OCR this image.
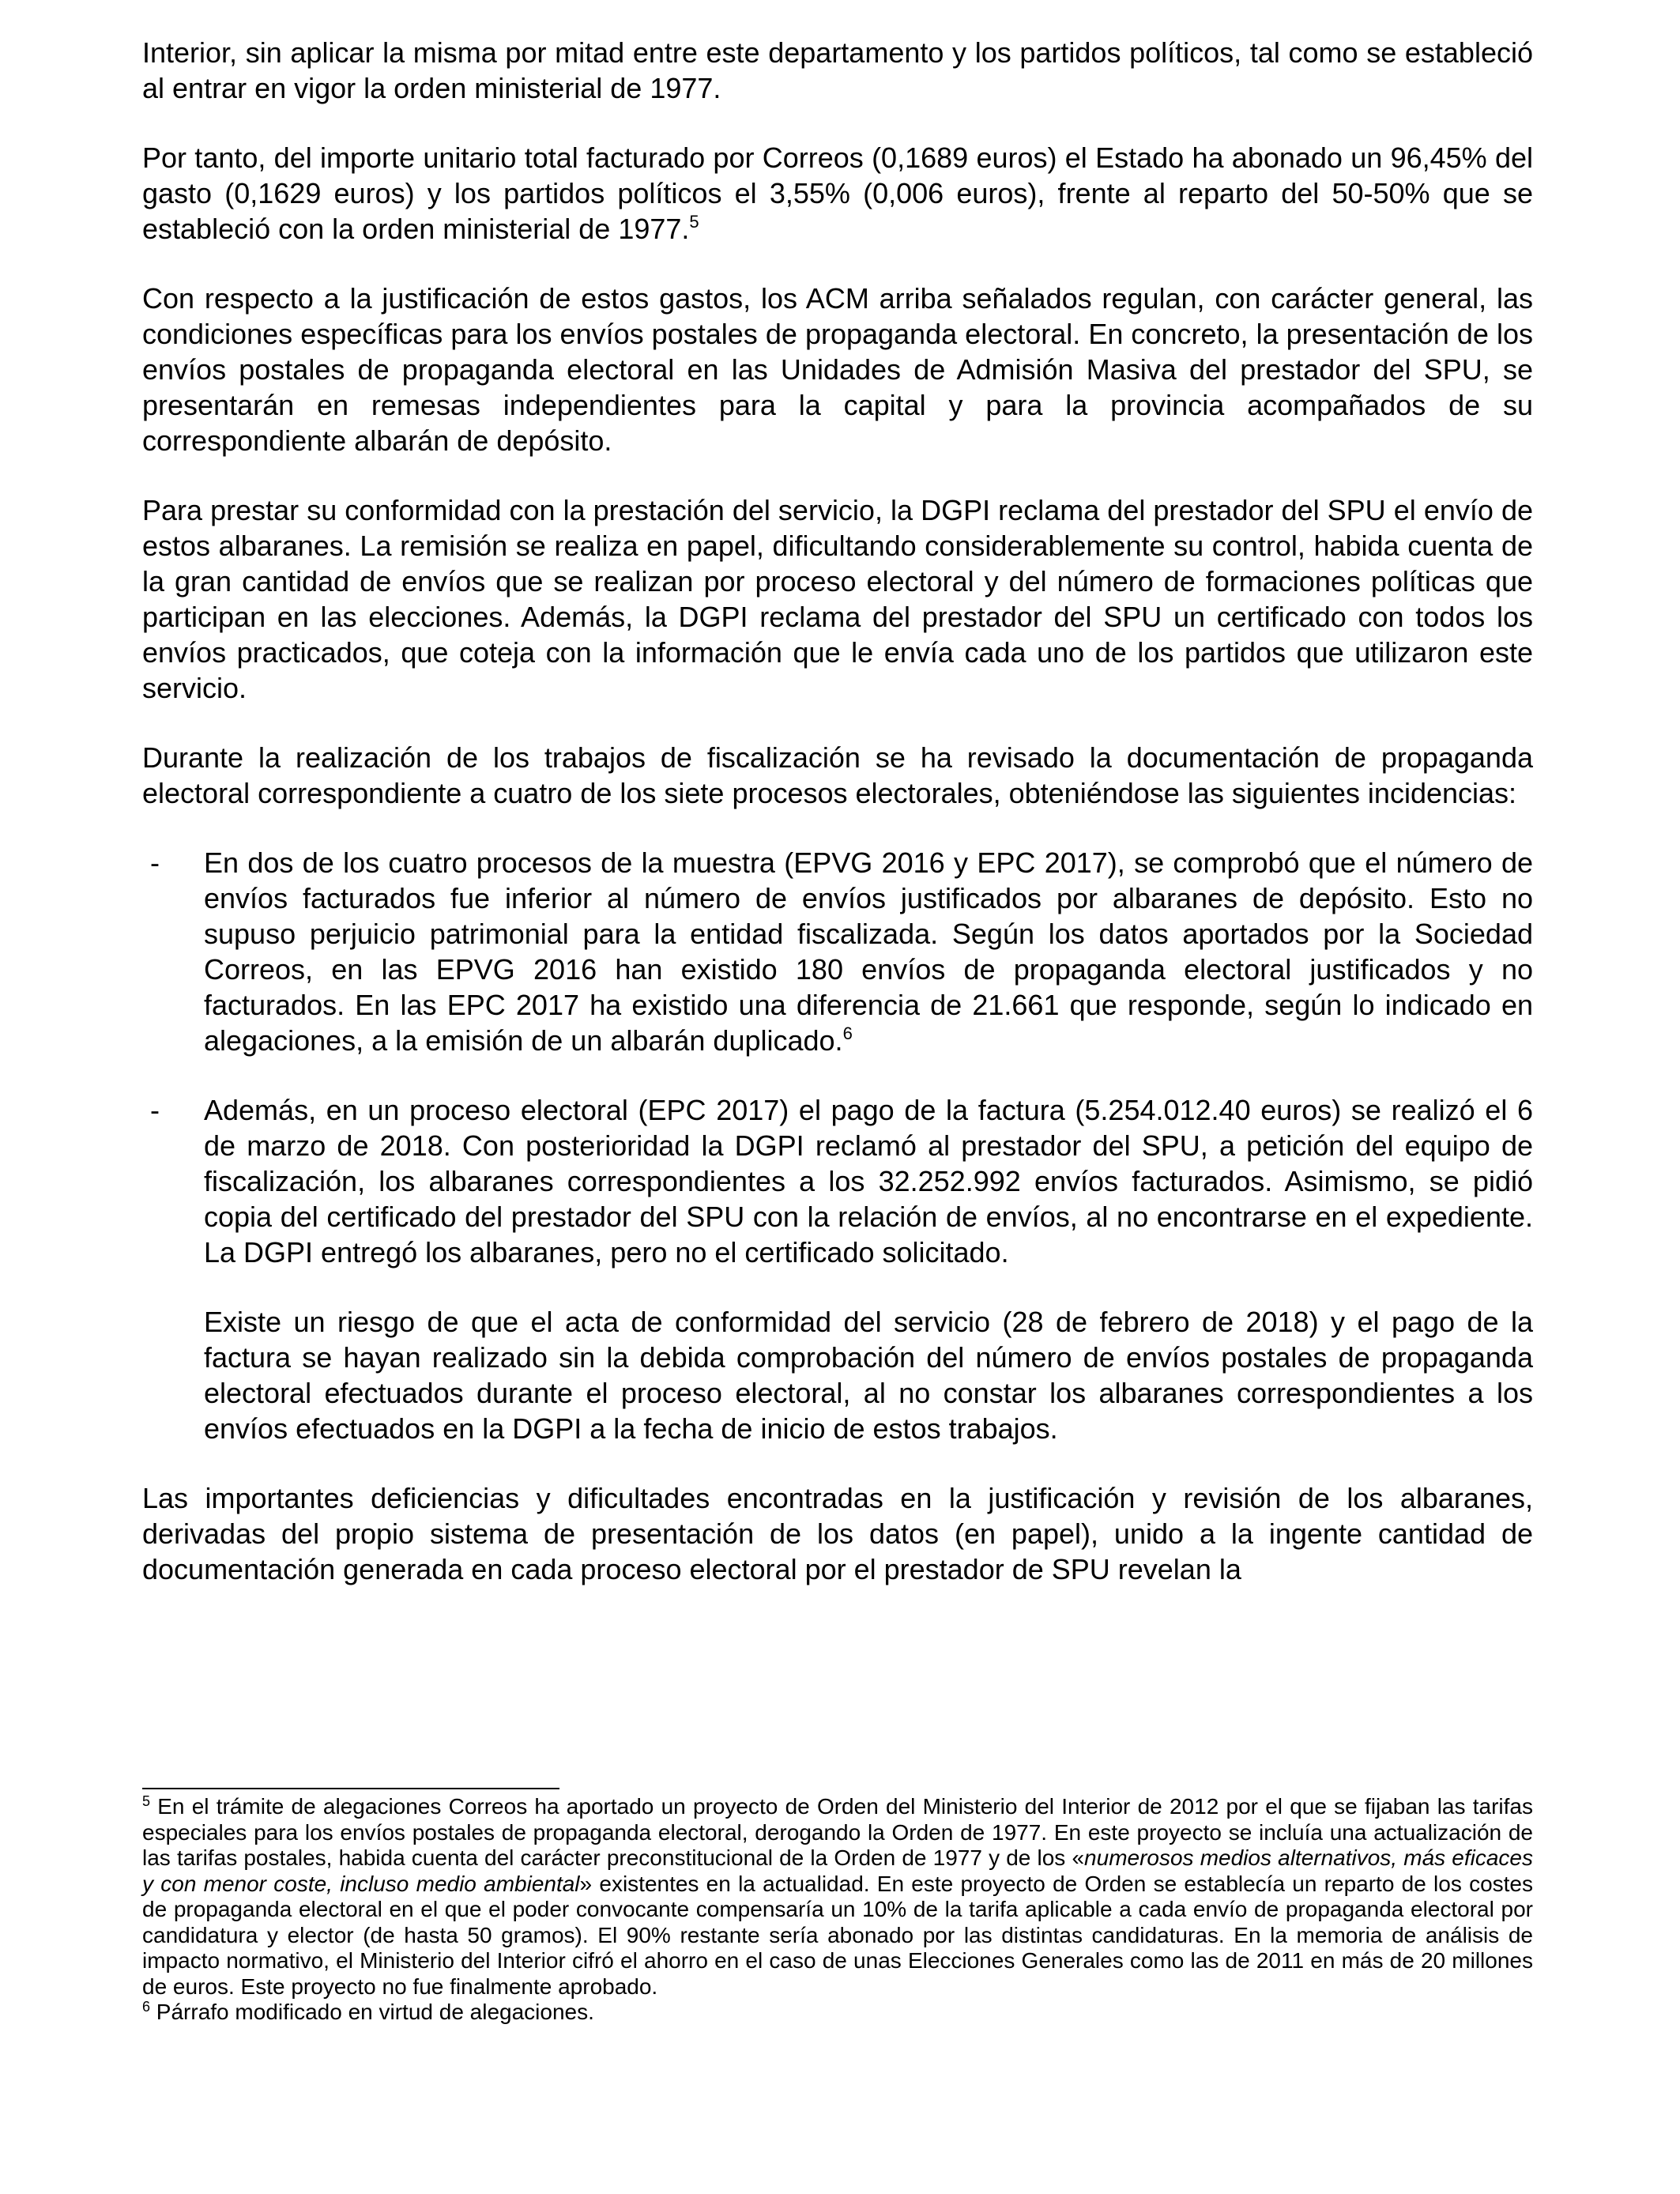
Interior, sin aplicar la misma por mitad entre este departamento y los partidos políticos, tal como se estableció al entrar en vigor la orden ministerial de 1977.

Por tanto, del importe unitario total facturado por Correos (0,1689 euros) el Estado ha abonado un 96,45% del gasto (0,1629 euros) y los partidos políticos el 3,55% (0,006 euros), frente al reparto del 50-50% que se estableció con la orden ministerial de 1977.$^5$

Con respecto a la justificación de estos gastos, los ACM arriba señalados regulan, con carácter general, las condiciones específicas para los envíos postales de propaganda electoral. En concreto, la presentación de los envíos postales de propaganda electoral en las Unidades de Admisión Masiva del prestador del SPU, se presentarán en remesas independientes para la capital y para la provincia acompañados de su correspondiente albarán de depósito.

Para prestar su conformidad con la prestación del servicio, la DGPI reclama del prestador del SPU el envío de estos albaranes. La remisión se realiza en papel, dificultando considerablemente su control, habida cuenta de la gran cantidad de envíos que se realizan por proceso electoral y del número de formaciones políticas que participan en las elecciones. Además, la DGPI reclama del prestador del SPU un certificado con todos los envíos practicados, que coteja con la información que le envía cada uno de los partidos que utilizaron este servicio.

Durante la realización de los trabajos de fiscalización se ha revisado la documentación de propaganda electoral correspondiente a cuatro de los siete procesos electorales, obteniéndose las siguientes incidencias:

- En dos de los cuatro procesos de la muestra (EPVG 2016 y EPC 2017), se comprobó que el número de envíos facturados fue inferior al número de envíos justificados por albaranes de depósito. Esto no supuso perjuicio patrimonial para la entidad fiscalizada. Según los datos aportados por la Sociedad Correos, en las EPVG 2016 han existido 180 envíos de propaganda electoral justificados y no facturados. En las EPC 2017 ha existido una diferencia de 21.661 que responde, según lo indicado en alegaciones, a la emisión de un albarán duplicado.$^6$
- Además, en un proceso electoral (EPC 2017) el pago de la factura (5.254.012.40 euros) se realizó el 6 de marzo de 2018. Con posterioridad la DGPI reclamó al prestador del SPU, a petición del equipo de fiscalización, los albaranes correspondientes a los 32.252.992 envíos facturados. Asimismo, se pidió copia del certificado del prestador del SPU con la relación de envíos, al no encontrarse en el expediente. La DGPI entregó los albaranes, pero no el certificado solicitado.

Existe un riesgo de que el acta de conformidad del servicio (28 de febrero de 2018) y el pago de la factura se hayan realizado sin la debida comprobación del número de envíos postales de propaganda electoral efectuados durante el proceso electoral, al no constar los albaranes correspondientes a los envíos efectuados en la DGPI a la fecha de inicio de estos trabajos.

Las importantes deficiencias y dificultades encontradas en la justificación y revisión de los albaranes, derivadas del propio sistema de presentación de los datos (en papel), unido a la ingente cantidad de documentación generada en cada proceso electoral por el prestador de SPU revelan la

$^5$ En el trámite de alegaciones Correos ha aportado un proyecto de Orden del Ministerio del Interior de 2012 por el que se fijaban las tarifas especiales para los envíos postales de propaganda electoral, derogando la Orden de 1977. En este proyecto se incluía una actualización de las tarifas postales, habida cuenta del carácter preconstitucional de la Orden de 1977 y de los «numerosos medios alternativos, más eficaces y con menor coste, incluso medio ambiental» existentes en la actualidad. En este proyecto de Orden se establecía un reparto de los costes de propaganda electoral en el que el poder convocante compensaría un 10% de la tarifa aplicable a cada envío de propaganda electoral por candidatura y elector (de hasta 50 gramos). El 90% restante sería abonado por las distintas candidaturas. En la memoria de análisis de impacto normativo, el Ministerio del Interior cifró el ahorro en el caso de unas Elecciones Generales como las de 2011 en más de 20 millones de euros. Este proyecto no fue finalmente aprobado.

$^6$ Párrafo modificado en virtud de alegaciones.
